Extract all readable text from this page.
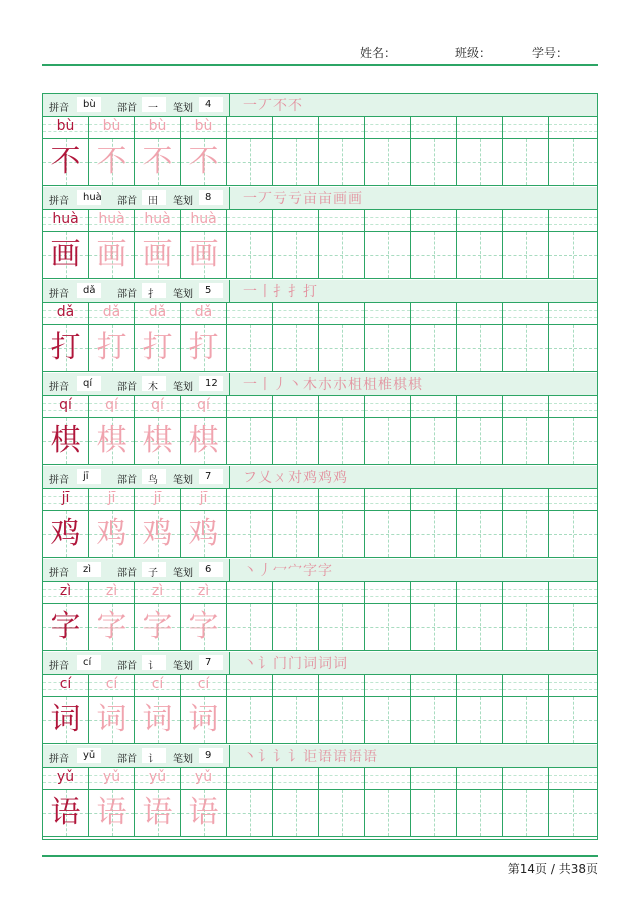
姓名：	班级：	学号：
拼音 bù 部首 一 笔划 4 一丆不不
bù	bù	bù	bù
不 不 不 不
拼音 huà 部首 田 笔划 8 一丆亏亏亩亩画画
huà	huà	huà	huà
画 画 画 画
拼音 dǎ 部首 扌 笔划 5 一丨扌扌打
dǎ	dǎ	dǎ	dǎ
打 打 打 打
拼音 qí 部首 木 笔划 12 一丨丿丶木朩朩柤柤椎棋棋
qí	qí	qí	qí
棋 棋 棋 棋
拼音 jī	部首 鸟 笔划 7 フ乂ㄨ对鸡鸡鸡
jī	jī	jī	jī
鸡 鸡 鸡 鸡
拼音 zì	部首 子 笔划 6 丶丿冖宀字字
zì	zì	zì	zì
字 字 字 字
拼音 cí	部首 讠 笔划 7 丶讠门门词词词
cí	cí	cí	cí
词 词 词 词
拼音 yǔ 部首 讠 笔划 9 丶讠讠讠讵语语语语
yǔ	yǔ	yǔ	yǔ
语 语 语 语
第14页 / 共38页
